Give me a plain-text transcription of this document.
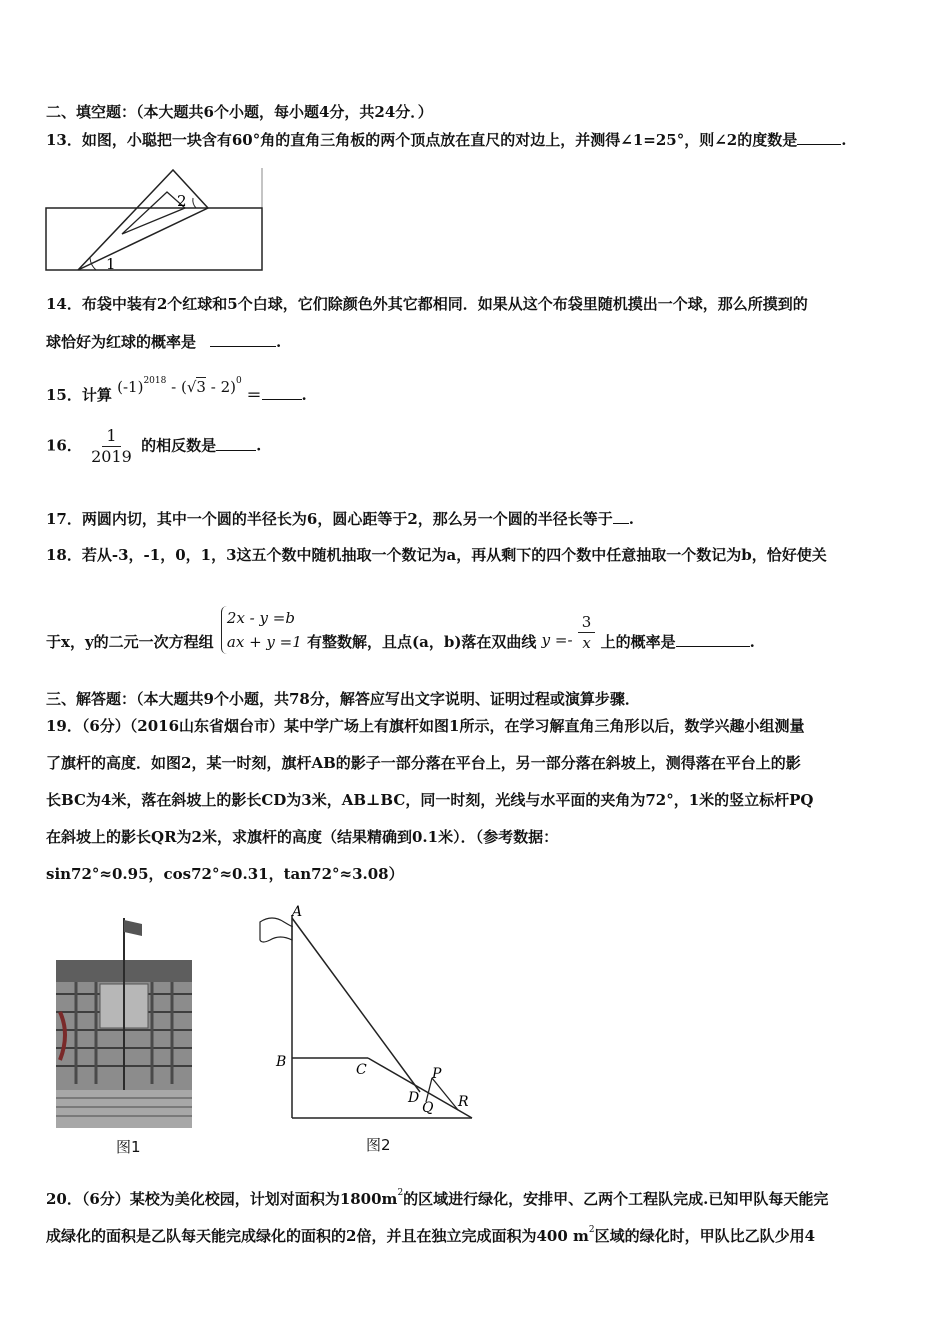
二、填空题：（本大题共6个小题，每小题4分，共24分．）
13．如图，小聪把一块含有60°角的直角三角板的两个顶点放在直尺的对边上，并测得∠1=25°，则∠2的度数是	.
1
2
14．布袋中装有2个红球和5个白球，它们除颜色外其它都相同．如果从这个布袋里随机摸出一个球，那么所摸到的
球恰好为红球的概率是	.
15．计算 $(-1)^{2018} - (√3 - 2)^0$ ＝	.
16． $\frac{1}{2019}$ 的相反数是	.
17．两圆内切，其中一个圆的半径长为6，圆心距等于2，那么另一个圆的半径长等于 .
18．若从-3，-1，0，1，3这五个数中随机抽取一个数记为a，再从剩下的四个数中任意抽取一个数记为b，恰好使关
于x，y的二元一次方程组
2x - y =b
ax + y =1 有整数解，且点(a，b)落在双曲线 $y =- \frac{3}{x}$ 上的概率是	.
三、解答题：（本大题共9个小题，共78分，解答应写出文字说明、证明过程或演算步骤．
19．（6分）（2016山东省烟台市）某中学广场上有旗杆如图1所示，在学习解直角三角形以后，数学兴趣小组测量
了旗杆的高度．如图2，某一时刻，旗杆AB的影子一部分落在平台上，另一部分落在斜坡上，测得落在平台上的影
长BC为4米，落在斜坡上的影长CD为3米，AB⊥BC，同一时刻，光线与水平面的夹角为72°，1米的竖立标杆PQ
在斜坡上的影长QR为2米，求旗杆的高度（结果精确到0.1米）．（参考数据：
sin72°≈0.95，cos72°≈0.31，tan72°≈3.08）
图1
A
B	C
D
P
Q R
图2
20．（6分）某校为美化校园，计划对面积为$1800m^2$的区域进行绿化，安排甲、乙两个工程队完成.已知甲队每天能完
成绿化的面积是乙队每天能完成绿化的面积的2倍，并且在独立完成面积为400 $m^2$区域的绿化时，甲队比乙队少用4
